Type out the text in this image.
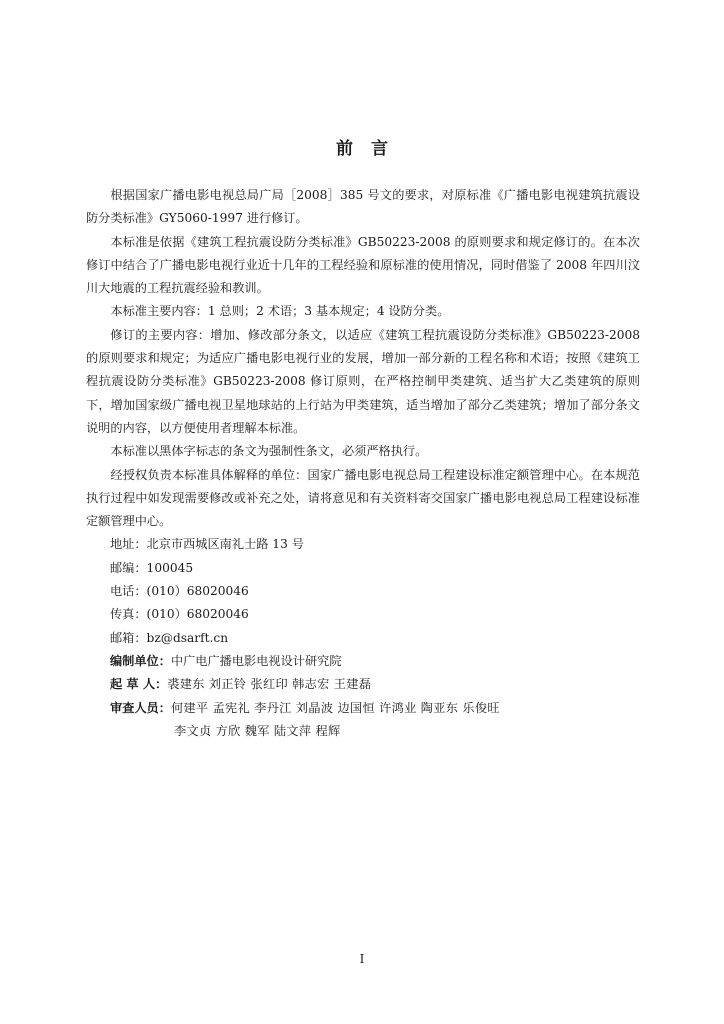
前 言

根据国家广播电影电视总局广局［2008］385 号文的要求，对原标准《广播电影电视建筑抗震设防分类标准》GY5060-1997 进行修订。

本标准是依据《建筑工程抗震设防分类标准》GB50223-2008 的原则要求和规定修订的。在本次修订中结合了广播电影电视行业近十几年的工程经验和原标准的使用情况，同时借鉴了 2008 年四川汶川大地震的工程抗震经验和教训。

本标准主要内容：1 总则；2 术语；3 基本规定；4 设防分类。

修订的主要内容：增加、修改部分条文，以适应《建筑工程抗震设防分类标准》GB50223-2008 的原则要求和规定；为适应广播电影电视行业的发展，增加一部分新的工程名称和术语；按照《建筑工程抗震设防分类标准》GB50223-2008 修订原则，在严格控制甲类建筑、适当扩大乙类建筑的原则下，增加国家级广播电视卫星地球站的上行站为甲类建筑，适当增加了部分乙类建筑；增加了部分条文说明的内容，以方便使用者理解本标准。

本标准以黑体字标志的条文为强制性条文，必须严格执行。

经授权负责本标准具体解释的单位：国家广播电影电视总局工程建设标准定额管理中心。在本规范执行过程中如发现需要修改或补充之处，请将意见和有关资料寄交国家广播电影电视总局工程建设标准定额管理中心。

地址：北京市西城区南礼士路 13 号
邮编：100045
电话：(010）68020046
传真：(010）68020046
邮箱：bz@dsarft.cn
编制单位：中广电广播电影电视设计研究院
起 草 人：裘建东 刘正铃 张红印 韩志宏 王建磊
审查人员：何建平 孟宪礼 李丹江 刘晶波 边国恒 许鸿业 陶亚东 乐俊旺
李文贞 方欣 魏军 陆文萍 程辉
I
